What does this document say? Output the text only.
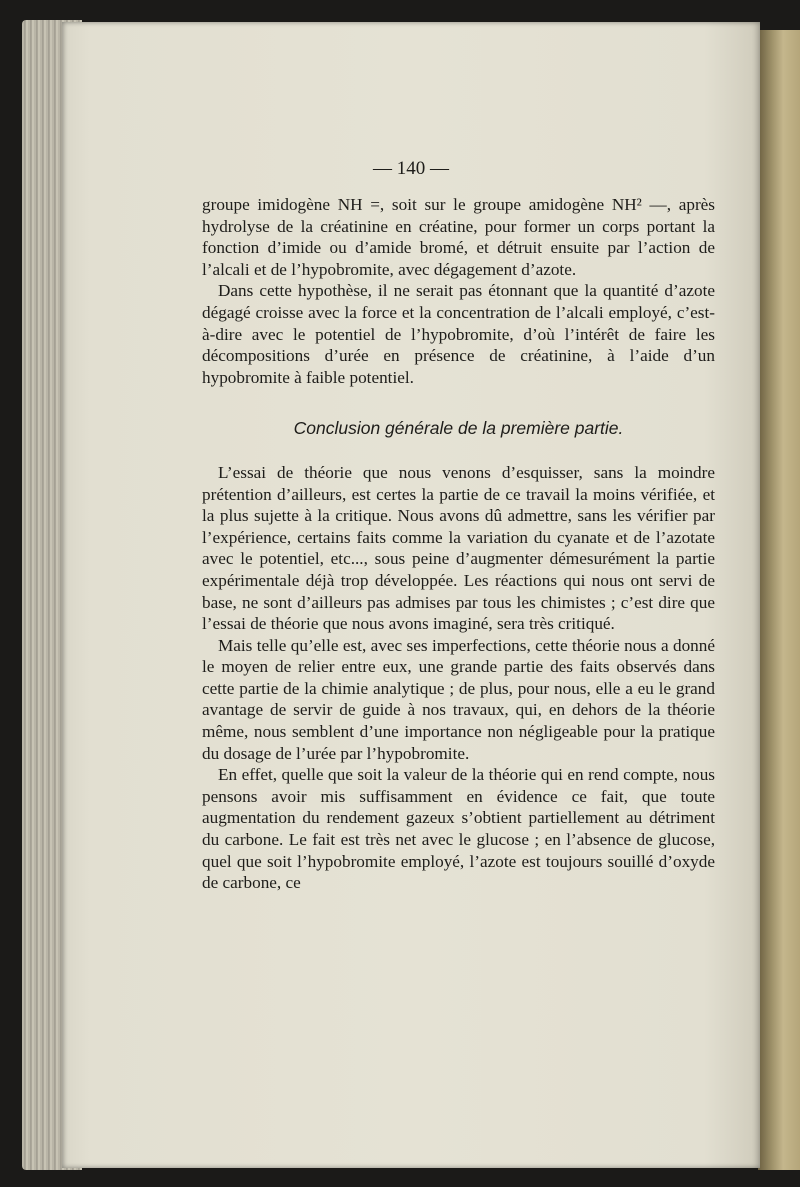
— 140 —

groupe imidogène NH =, soit sur le groupe amidogène NH² —, après hydrolyse de la créatinine en créatine, pour former un corps portant la fonction d’imide ou d’amide bromé, et détruit ensuite par l’action de l’alcali et de l’hypobromite, avec dégagement d’azote.

Dans cette hypothèse, il ne serait pas étonnant que la quantité d’azote dégagé croisse avec la force et la concentration de l’alcali employé, c’est-à-dire avec le potentiel de l’hypobromite, d’où l’intérêt de faire les décompositions d’urée en présence de créatinine, à l’aide d’un hypobromite à faible potentiel.

Conclusion générale de la première partie.

L’essai de théorie que nous venons d’esquisser, sans la moindre prétention d’ailleurs, est certes la partie de ce travail la moins vérifiée, et la plus sujette à la critique. Nous avons dû admettre, sans les vérifier par l’expérience, certains faits comme la variation du cyanate et de l’azotate avec le potentiel, etc..., sous peine d’augmenter démesurément la partie expérimentale déjà trop développée. Les réactions qui nous ont servi de base, ne sont d’ailleurs pas admises par tous les chimistes ; c’est dire que l’essai de théorie que nous avons imaginé, sera très critiqué.

Mais telle qu’elle est, avec ses imperfections, cette théorie nous a donné le moyen de relier entre eux, une grande partie des faits observés dans cette partie de la chimie analytique ; de plus, pour nous, elle a eu le grand avantage de servir de guide à nos travaux, qui, en dehors de la théorie même, nous semblent d’une importance non négligeable pour la pratique du dosage de l’urée par l’hypobromite.

En effet, quelle que soit la valeur de la théorie qui en rend compte, nous pensons avoir mis suffisamment en évidence ce fait, que toute augmentation du rendement gazeux s’obtient partiellement au détriment du carbone. Le fait est très net avec le glucose ; en l’absence de glucose, quel que soit l’hypobromite employé, l’azote est toujours souillé d’oxyde de carbone, ce
